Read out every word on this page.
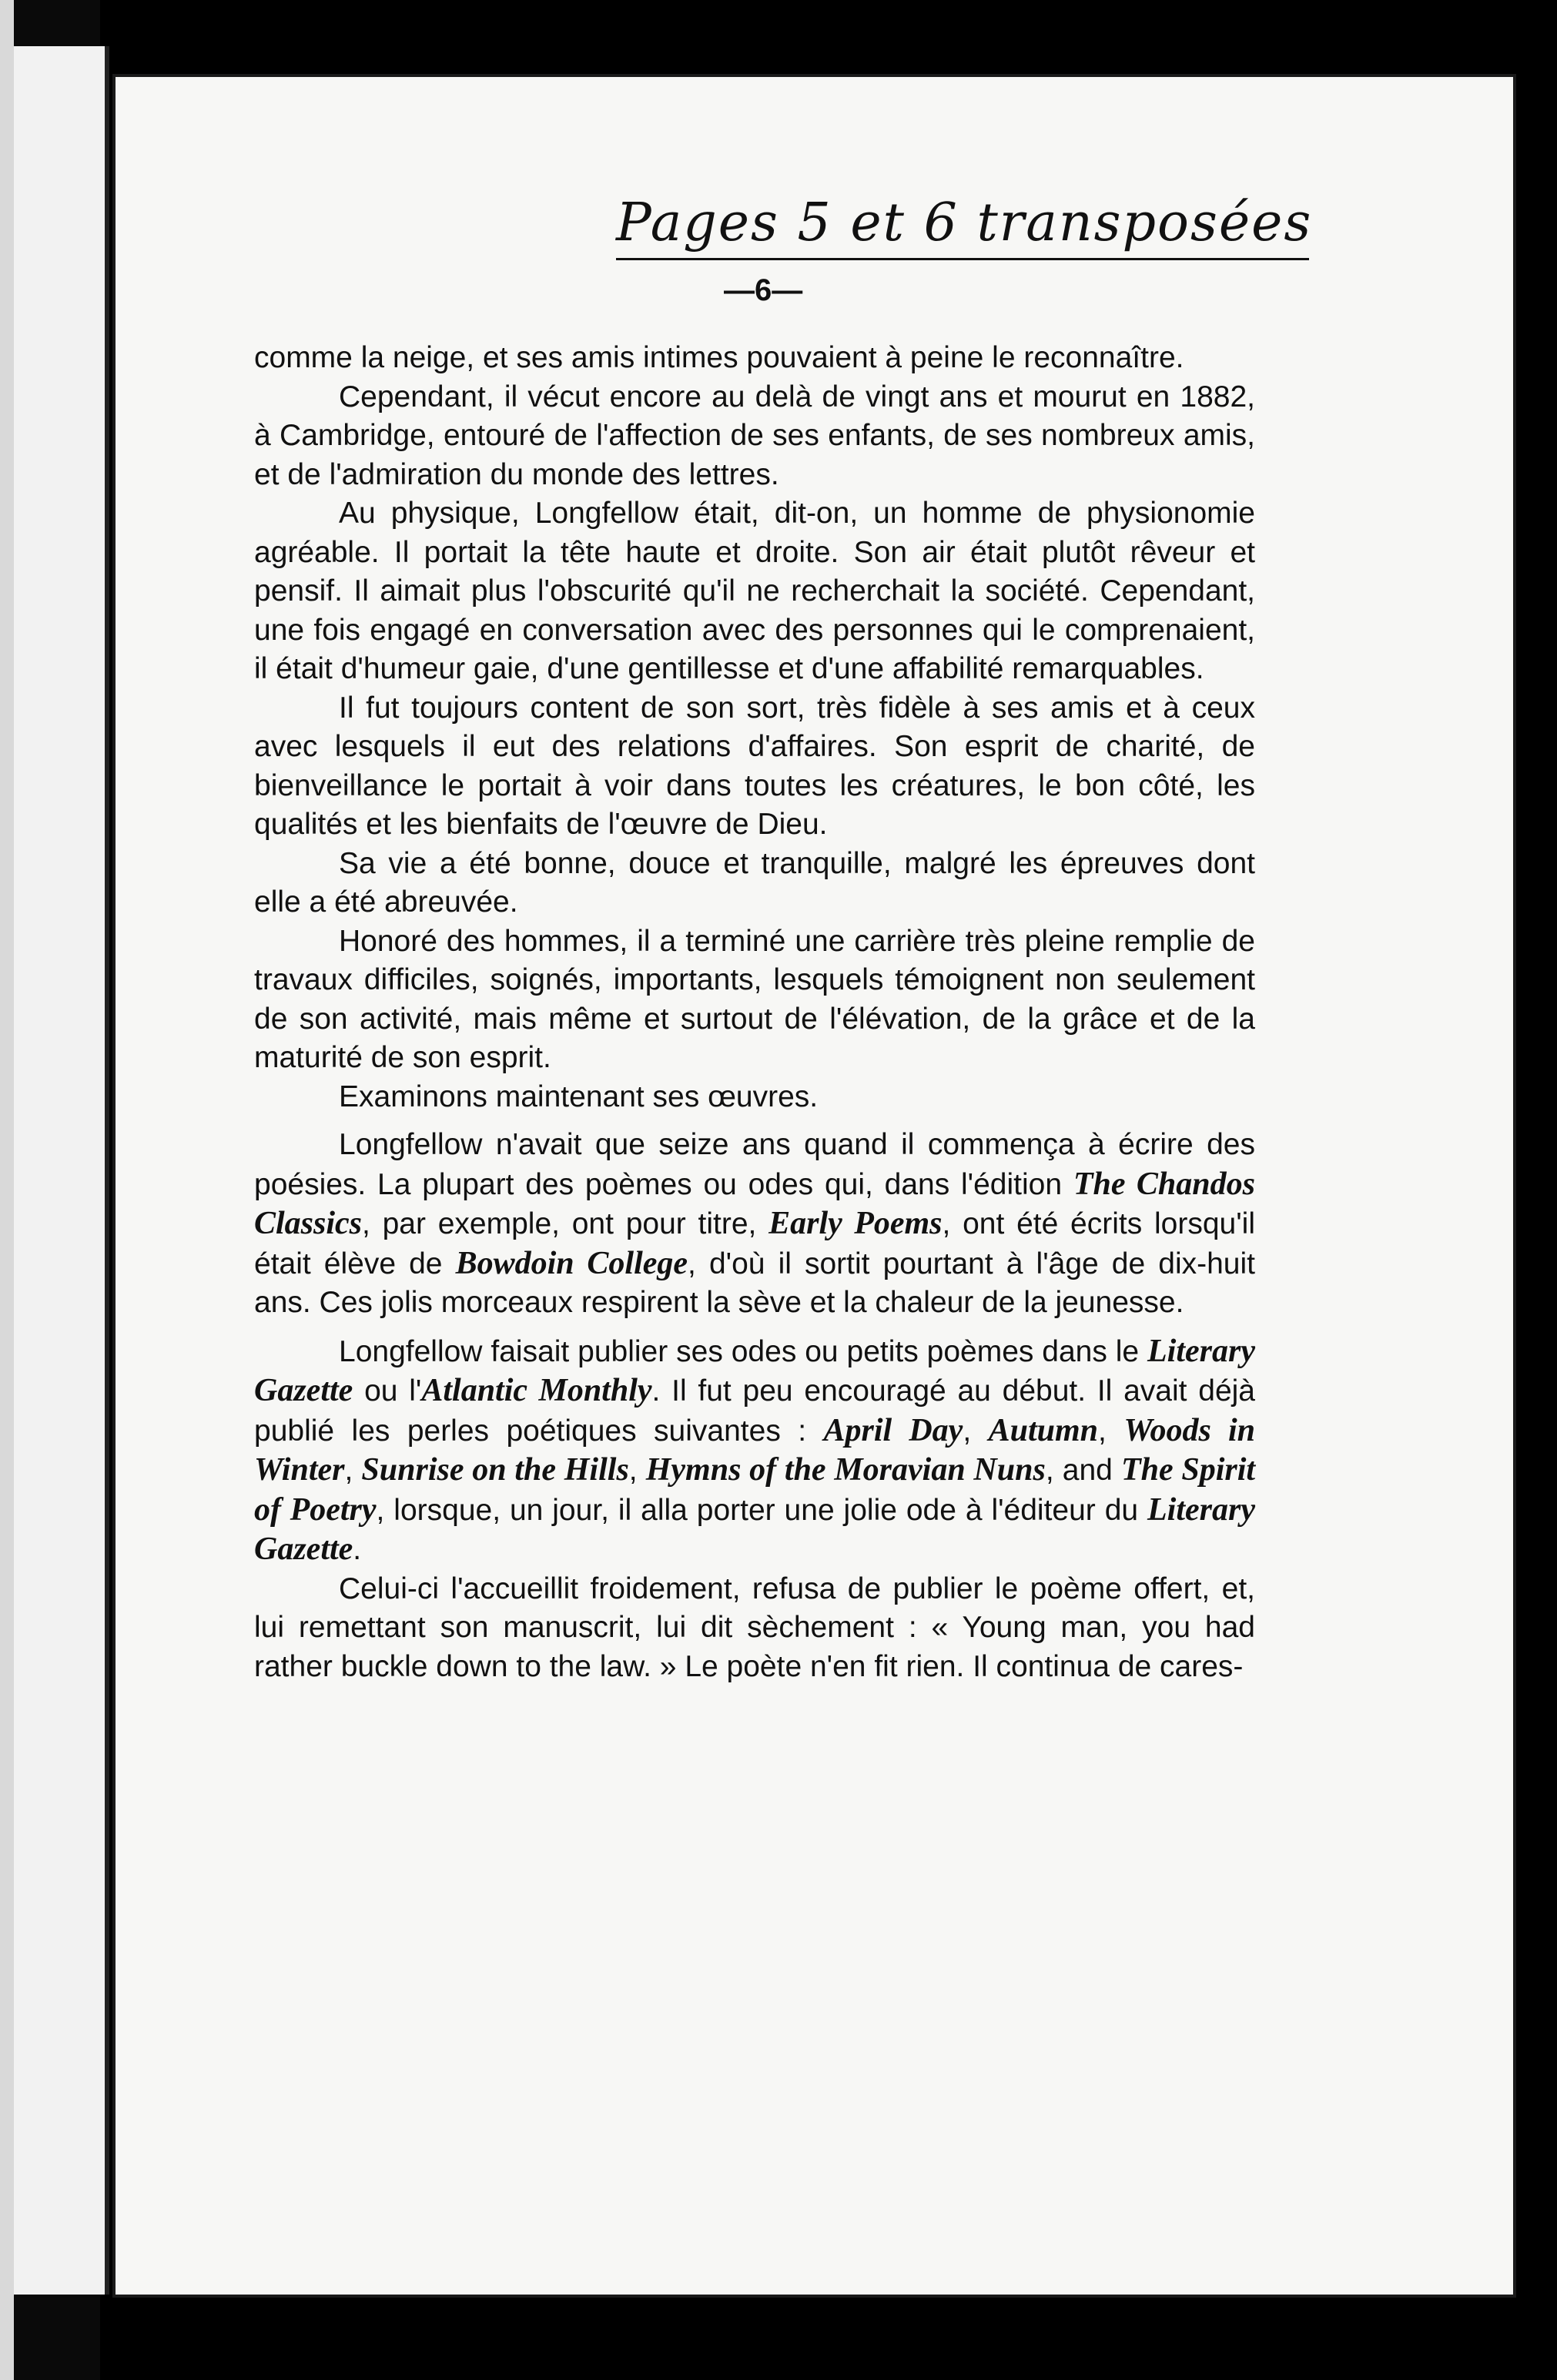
Pages 5 et 6 transposées
—6—

comme la neige, et ses amis intimes pouvaient à peine le reconnaître.

Cependant, il vécut encore au delà de vingt ans et mourut en 1882, à Cambridge, entouré de l'affection de ses enfants, de ses nombreux amis, et de l'admiration du monde des lettres.

Au physique, Longfellow était, dit-on, un homme de physionomie agréable. Il portait la tête haute et droite. Son air était plutôt rêveur et pensif. Il aimait plus l'obscurité qu'il ne recherchait la société. Cependant, une fois engagé en conversation avec des personnes qui le comprenaient, il était d'humeur gaie, d'une gentillesse et d'une affabilité remarquables.

Il fut toujours content de son sort, très fidèle à ses amis et à ceux avec lesquels il eut des relations d'affaires. Son esprit de charité, de bienveillance le portait à voir dans toutes les créatures, le bon côté, les qualités et les bienfaits de l'œuvre de Dieu.

Sa vie a été bonne, douce et tranquille, malgré les épreuves dont elle a été abreuvée.

Honoré des hommes, il a terminé une carrière très pleine remplie de travaux difficiles, soignés, importants, lesquels témoignent non seulement de son activité, mais même et surtout de l'élévation, de la grâce et de la maturité de son esprit.

Examinons maintenant ses œuvres.

Longfellow n'avait que seize ans quand il commença à écrire des poésies. La plupart des poèmes ou odes qui, dans l'édition The Chandos Classics, par exemple, ont pour titre, Early Poems, ont été écrits lorsqu'il était élève de Bowdoin College, d'où il sortit pourtant à l'âge de dix-huit ans. Ces jolis morceaux respirent la sève et la chaleur de la jeunesse.

Longfellow faisait publier ses odes ou petits poèmes dans le Literary Gazette ou l'Atlantic Monthly. Il fut peu encouragé au début. Il avait déjà publié les perles poétiques suivantes : April Day, Autumn, Woods in Winter, Sunrise on the Hills, Hymns of the Moravian Nuns, and The Spirit of Poetry, lorsque, un jour, il alla porter une jolie ode à l'éditeur du Literary Gazette.

Celui-ci l'accueillit froidement, refusa de publier le poème offert, et, lui remettant son manuscrit, lui dit sèchement : « Young man, you had rather buckle down to the law. » Le poète n'en fit rien. Il continua de cares-
